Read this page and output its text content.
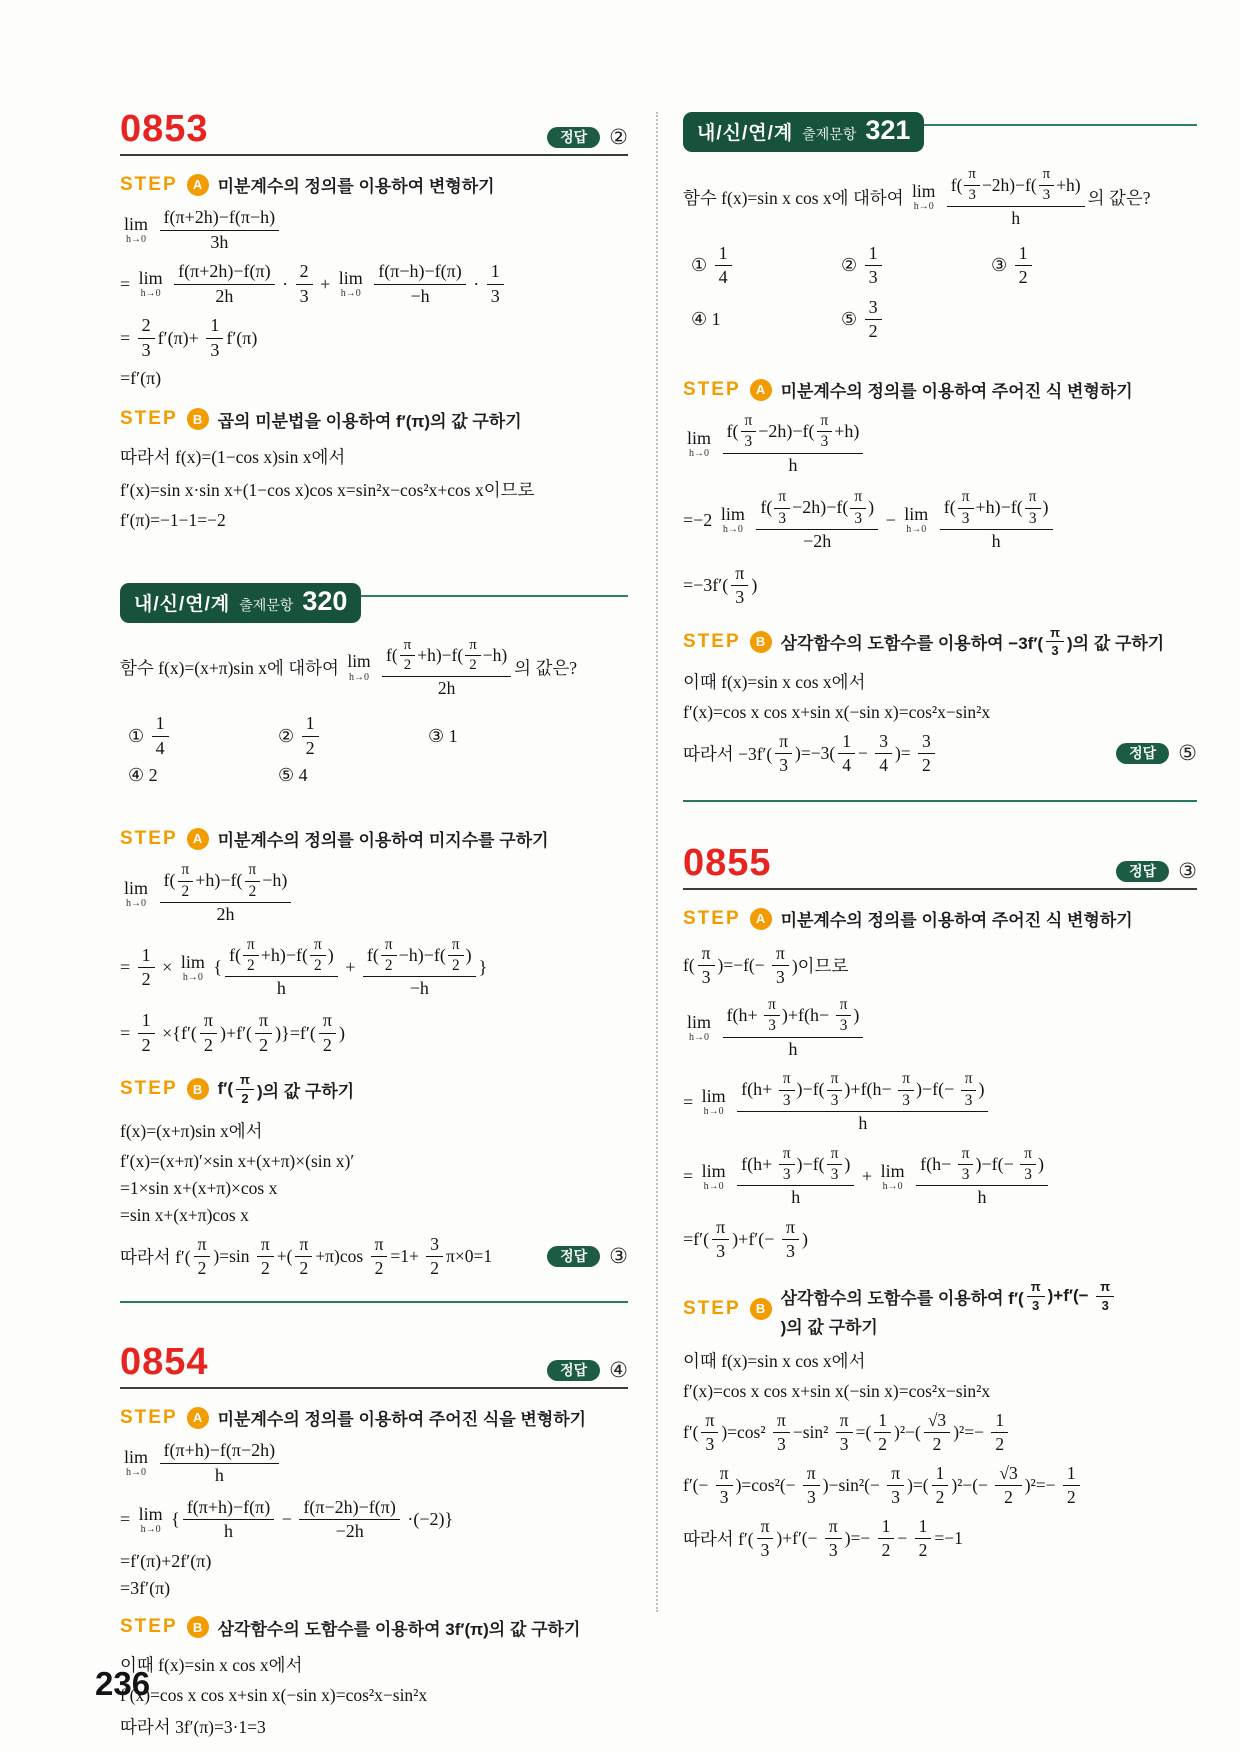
0853	정답	②
STEP	A 미분계수의 정의를 이용하여 변형하기
lim
h→0
$\frac{f(\pi+2h)-f(\pi-h)}{3h}$
= lim
h→0
$\frac{f(\pi+2h)-f(\pi)}{2h} \cdot \frac{2}{3} + \lim$
h→0
$\frac{f(\pi-h)-f(\pi)}{-h} \cdot \frac{1}{3}$
= $\frac{2}{3} f'(\pi)+ \frac{1}{3} f'(\pi)$
=f′(π)
STEP	B 곱의 미분법을 이용하여 f′(π)의 값 구하기
따라서 f(x)=(1−cos x)sin x에서
f′(x)=sin x·sin x+(1−cos x)cos x=sin²x−cos²x+cos x이므로
f′(π)=−1−1=−2
내/신/연/계 출제문항 320
함수 f(x)=(x+π)sin x에 대하여 lim
h→0
$\frac{f( \frac{\pi}{2} +h)-f( \frac{\pi}{2} -h)}{2h}$ 의 값은?
① $\frac{1}{4}$	② $\frac{1}{2}$	③ 1
④ 2	⑤ 4
STEP	A 미분계수의 정의를 이용하여 미지수를 구하기
lim
h→0
$\frac{f( \frac{\pi}{2} +h)-f( \frac{\pi}{2} -h)}{2h}$
= $\frac{1}{2} \times \lim$
h→0 { $\frac{f( \frac{\pi}{2} +h)-f( \frac{\pi}{2} )}{h} + \frac{f( \frac{\pi}{2} -h)-f( \frac{\pi}{2} )}{-h}$ }
= $\frac{1}{2} \times\{f'( \frac{\pi}{2} )+f'( \frac{\pi}{2} )\}=f'( \frac{\pi}{2}$ )
STEP	B $f'( \frac{\pi}{2}$ )의 값 구하기
f(x)=(x+π)sin x에서
f′(x)=(x+π)′×sin x+(x+π)×(sin x)′
=1×sin x+(x+π)×cos x
=sin x+(x+π)cos x
따라서 $f'( \frac{\pi}{2} )=\sin \frac{\pi}{2}$ +( $\frac{\pi}{2} +\pi)\cos \frac{\pi}{2} =1+ \frac{3}{2} \pi\times 0=1$	정답	③
0854	정답	④
STEP	A 미분계수의 정의를 이용하여 주어진 식을 변형하기
lim
h→0
$\frac{f(\pi+h)-f(\pi-2h)}{h}$
= lim
h→0 { $\frac{f(\pi+h)-f(\pi)}{h} - \frac{f(\pi-2h)-f(\pi)}{-2h} \cdot(-2)$}
=f′(π)+2f′(π)
=3f′(π)
STEP	B 삼각함수의 도함수를 이용하여 3f′(π)의 값 구하기
이때 f(x)=sin x cos x에서
f′(x)=cos x cos x+sin x(−sin x)=cos²x−sin²x
따라서 3f′(π)=3·1=3
내/신/연/계 출제문항 321
함수 f(x)=sin x cos x에 대하여 lim
h→0
$\frac{f( \frac{\pi}{3} -2h)-f( \frac{\pi}{3} +h)}{h}$ 의 값은?
① $\frac{1}{4}$	② $\frac{1}{3}$	③ $\frac{1}{2}$
④ 1	⑤ $\frac{3}{2}$
STEP	A 미분계수의 정의를 이용하여 주어진 식 변형하기
lim
h→0
$\frac{f( \frac{\pi}{3} -2h)-f( \frac{\pi}{3} +h)}{h}$
=−2 lim
h→0
$\frac{f( \frac{\pi}{3} -2h)-f( \frac{\pi}{3} )}{-2h} - \lim$
h→0
$\frac{f( \frac{\pi}{3} +h)-f( \frac{\pi}{3} )}{h}$
$=-3f'( \frac{\pi}{3}$ )
STEP	B 삼각함수의 도함수를 이용하여 $-3f'( \frac{\pi}{3}$ )의 값 구하기
이때 f(x)=sin x cos x에서
f′(x)=cos x cos x+sin x(−sin x)=cos²x−sin²x
따라서 $-3f'( \frac{\pi}{3} )=-3( \frac{1}{4} - \frac{3}{4}$ )= $\frac{3}{2}$	정답	⑤
0855	정답	③
STEP	A 미분계수의 정의를 이용하여 주어진 식 변형하기
$f( \frac{\pi}{3} )=-f(- \frac{\pi}{3}$ )이므로
lim
h→0
$\frac{f(h+ \frac{\pi}{3} )+f(h- \frac{\pi}{3} )}{h}$
= lim
h→0
$\frac{f(h+ \frac{\pi}{3} )-f( \frac{\pi}{3} )+f(h- \frac{\pi}{3} )-f(- \frac{\pi}{3} )}{h}$
= lim
h→0
$\frac{f(h+ \frac{\pi}{3} )-f( \frac{\pi}{3} )}{h} + \lim$
h→0
$\frac{f(h- \frac{\pi}{3} )-f(- \frac{\pi}{3} )}{h}$
$=f'( \frac{\pi}{3} )+f'(- \frac{\pi}{3}$ )
STEP	B
삼각함수의 도함수를 이용하여 $f'( \frac{\pi}{3} )+f'(- \frac{\pi}{3}$
)의 값 구하기
이때 f(x)=sin x cos x에서
f′(x)=cos x cos x+sin x(−sin x)=cos²x−sin²x
$f'( \frac{\pi}{3} )=\cos^2 \frac{\pi}{3} -\sin^2 \frac{\pi}{3}$ =( $\frac{1}{2} )^2-( \frac{√3}{2} )^2=- \frac{1}{2}$
$f'(- \frac{\pi}{3} )=\cos^2(- \frac{\pi}{3} )-\sin^2(- \frac{\pi}{3}$ )=( $\frac{1}{2} )^2-(- \frac{√3}{2} )^2=- \frac{1}{2}$
따라서 $f'( \frac{\pi}{3} )+f'(- \frac{\pi}{3}$ )=− $\frac{1}{2} - \frac{1}{2} =-1$
236
